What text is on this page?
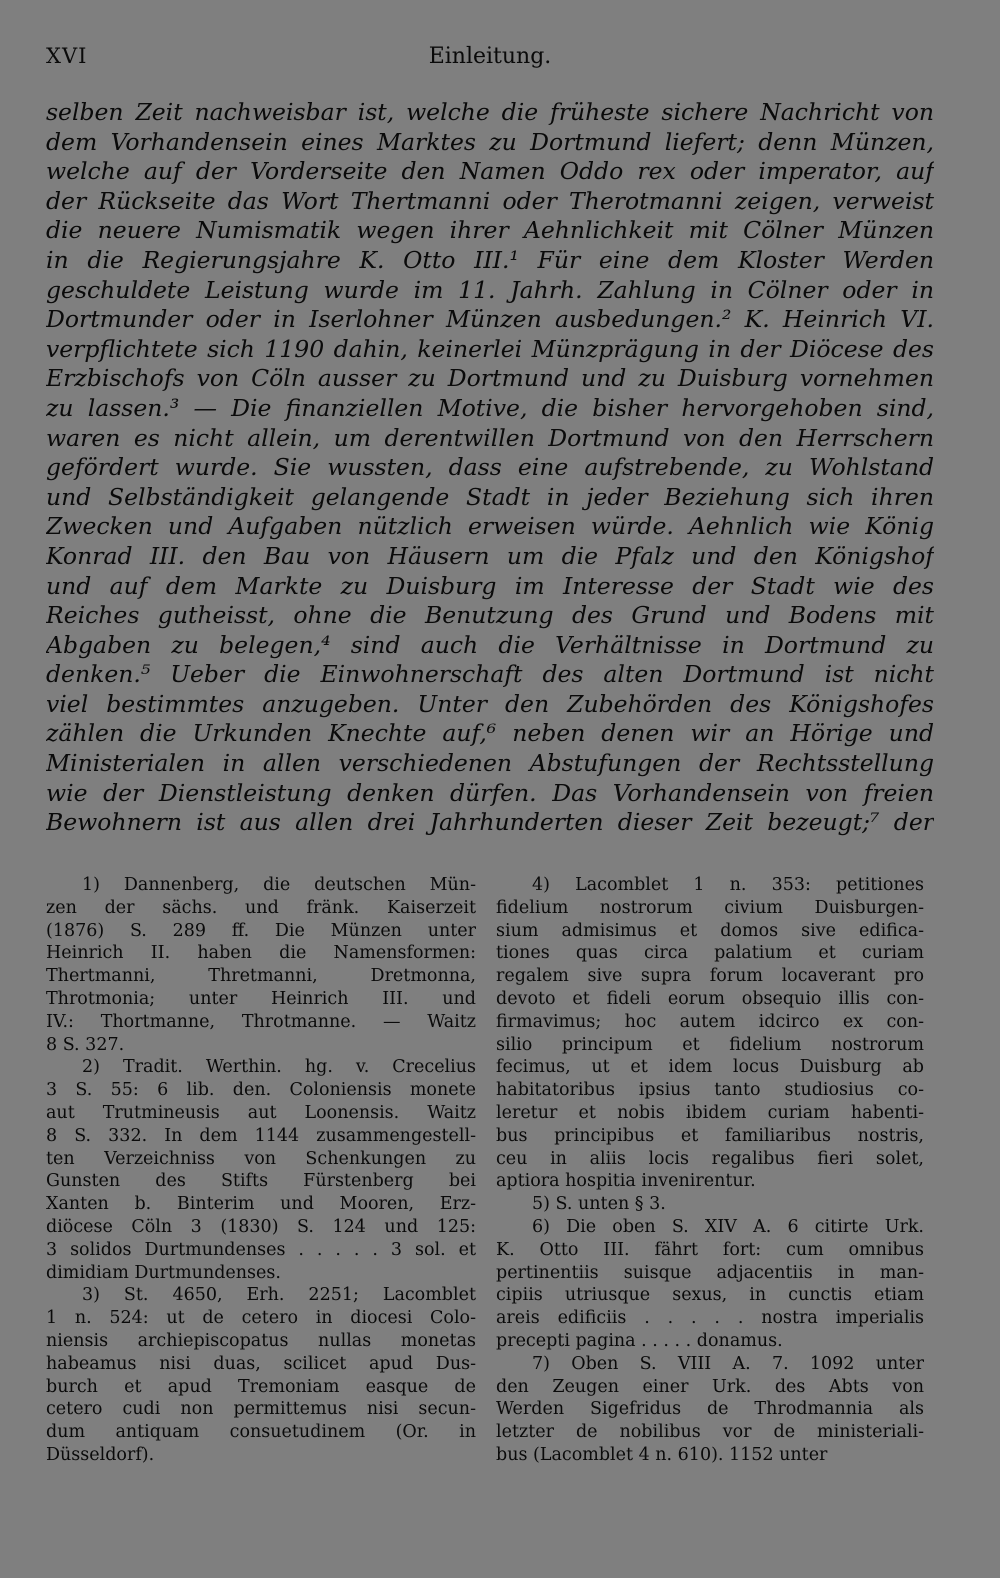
XVI	Einleitung.
selben Zeit nachweisbar ist, welche die früheste sichere Nachricht von
dem Vorhandensein eines Marktes zu Dortmund liefert; denn Münzen,
welche auf der Vorderseite den Namen Oddo rex oder imperator, auf
der Rückseite das Wort Thertmanni oder Therotmanni zeigen, verweist
die neuere Numismatik wegen ihrer Aehnlichkeit mit Cölner Münzen
in die Regierungsjahre K. Otto III.¹ Für eine dem Kloster Werden
geschuldete Leistung wurde im 11. Jahrh. Zahlung in Cölner oder in
Dortmunder oder in Iserlohner Münzen ausbedungen.² K. Heinrich VI.
verpflichtete sich 1190 dahin, keinerlei Münzprägung in der Diöcese des
Erzbischofs von Cöln ausser zu Dortmund und zu Duisburg vornehmen
zu lassen.³ — Die finanziellen Motive, die bisher hervorgehoben sind,
waren es nicht allein, um derentwillen Dortmund von den Herrschern
gefördert wurde. Sie wussten, dass eine aufstrebende, zu Wohlstand
und Selbständigkeit gelangende Stadt in jeder Beziehung sich ihren
Zwecken und Aufgaben nützlich erweisen würde. Aehnlich wie König
Konrad III. den Bau von Häusern um die Pfalz und den Königshof
und auf dem Markte zu Duisburg im Interesse der Stadt wie des
Reiches gutheisst, ohne die Benutzung des Grund und Bodens mit
Abgaben zu belegen,⁴ sind auch die Verhältnisse in Dortmund zu
denken.⁵ Ueber die Einwohnerschaft des alten Dortmund ist nicht
viel bestimmtes anzugeben. Unter den Zubehörden des Königshofes
zählen die Urkunden Knechte auf,⁶ neben denen wir an Hörige und
Ministerialen in allen verschiedenen Abstufungen der Rechtsstellung
wie der Dienstleistung denken dürfen. Das Vorhandensein von freien
Bewohnern ist aus allen drei Jahrhunderten dieser Zeit bezeugt;⁷ der
1) Dannenberg, die deutschen Mün-
zen der sächs. und fränk. Kaiserzeit
(1876) S. 289 ff. Die Münzen unter
Heinrich II. haben die Namensformen:
Thertmanni, Thretmanni, Dretmonna,
Throtmonia; unter Heinrich III. und
IV.: Thortmanne, Throtmanne. — Waitz
8 S. 327.
2) Tradit. Werthin. hg. v. Crecelius
3 S. 55: 6 lib. den. Coloniensis monete
aut Trutmineusis aut Loonensis. Waitz
8 S. 332. In dem 1144 zusammengestell-
ten Verzeichniss von Schenkungen zu
Gunsten des Stifts Fürstenberg bei
Xanten b. Binterim und Mooren, Erz-
diöcese Cöln 3 (1830) S. 124 und 125:
3 solidos Durtmundenses . . . . . 3 sol. et
dimidiam Durtmundenses.
3) St. 4650, Erh. 2251; Lacomblet
1 n. 524: ut de cetero in diocesi Colo-
niensis archiepiscopatus nullas monetas
habeamus nisi duas, scilicet apud Dus-
burch et apud Tremoniam easque de
cetero cudi non permittemus nisi secun-
dum antiquam consuetudinem (Or. in
Düsseldorf).
4) Lacomblet 1 n. 353: petitiones
fidelium nostrorum civium Duisburgen-
sium admisimus et domos sive edifica-
tiones quas circa palatium et curiam
regalem sive supra forum locaverant pro
devoto et fideli eorum obsequio illis con-
firmavimus; hoc autem idcirco ex con-
silio principum et fidelium nostrorum
fecimus, ut et idem locus Duisburg ab
habitatoribus ipsius tanto studiosius co-
leretur et nobis ibidem curiam habenti-
bus principibus et familiaribus nostris,
ceu in aliis locis regalibus fieri solet,
aptiora hospitia invenirentur.
5) S. unten § 3.
6) Die oben S. XIV A. 6 citirte Urk.
K. Otto III. fährt fort: cum omnibus
pertinentiis suisque adjacentiis in man-
cipiis utriusque sexus, in cunctis etiam
areis edificiis . . . . . nostra imperialis
precepti pagina . . . . . donamus.
7) Oben S. VIII A. 7. 1092 unter
den Zeugen einer Urk. des Abts von
Werden Sigefridus de Throdmannia als
letzter de nobilibus vor de ministeriali-
bus (Lacomblet 4 n. 610). 1152 unter
